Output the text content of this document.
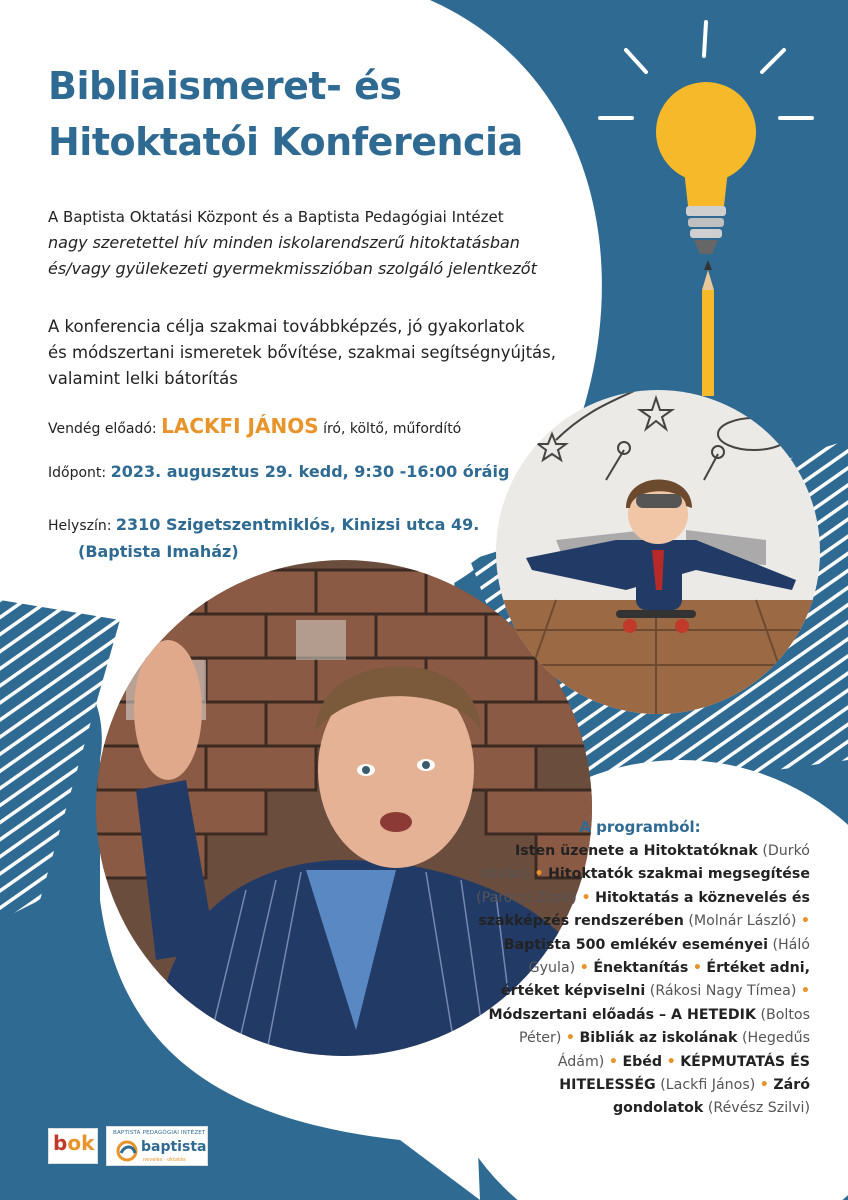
Bibliaismeret- és
Hitoktatói Konferencia
A Baptista Oktatási Központ és a Baptista Pedagógiai Intézet
nagy szeretettel hív minden iskolarendszerű hitoktatásban
és/vagy gyülekezeti gyermekmisszióban szolgáló jelentkezőt
A konferencia célja szakmai továbbképzés, jó gyakorlatok
és módszertani ismeretek bővítése, szakmai segítségnyújtás,
valamint lelki bátorítás
Vendég előadó: LACKFI JÁNOS író, költő, műfordító
Időpont: 2023. augusztus 29. kedd, 9:30 -16:00 óráig
Helyszín: 2310 Szigetszentmiklós, Kinizsi utca 49.
(Baptista Imaház)
A programból:
Isten üzenete a Hitoktatóknak (Durkó István) • Hitoktatók szakmai megsegítése (Paróczi Zsolt) • Hitoktatás a köznevelés és szakképzés rendszerében (Molnár László) • Baptista 500 emlékév eseményei (Háló Gyula) • Énektanítás • Értéket adni, értéket képviselni (Rákosi Nagy Tímea) • Módszertani előadás – A HETEDIK (Boltos Péter) • Bibliák az iskolának (Hegedűs Ádám) • Ebéd • KÉPMUTATÁS ÉS HITELESSÉG (Lackfi János) • Záró gondolatok (Révész Szilvi)
bok	BAPTISTA PEDAGÓGIAI INTÉZET
baptista
nevelés · oktatás
